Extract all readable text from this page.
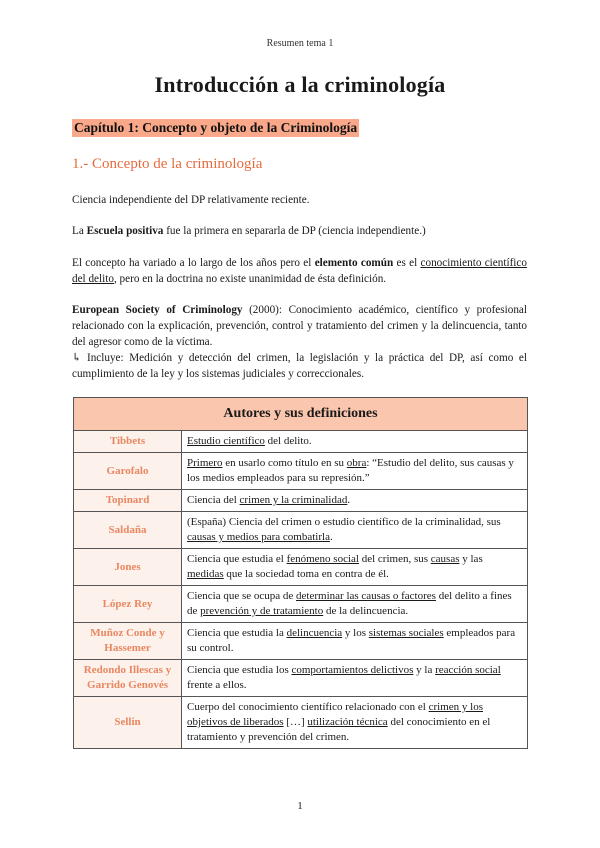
Resumen tema 1
Introducción a la criminología
Capítulo 1: Concepto y objeto de la Criminología
1.- Concepto de la criminología

Ciencia independiente del DP relativamente reciente.

La Escuela positiva fue la primera en separarla de DP (ciencia independiente.)

El concepto ha variado a lo largo de los años pero el elemento común es el conocimiento científico del delito, pero en la doctrina no existe unanimidad de ésta definición.

European Society of Criminology (2000): Conocimiento académico, científico y profesional relacionado con la explicación, prevención, control y tratamiento del crimen y la delincuencia, tanto del agresor como de la víctima.
↳ Incluye: Medición y detección del crimen, la legislación y la práctica del DP, así como el cumplimiento de la ley y los sistemas judiciales y correccionales.

Autores y sus definiciones	
Tibbets	Estudio científico del delito.
Garofalo	Primero en usarlo como título en su obra: “Estudio del delito, sus causas y los medios empleados para su represión.”
Topinard	Ciencia del crimen y la criminalidad.
Saldaña	(España) Ciencia del crimen o estudio científico de la criminalidad, sus causas y medios para combatirla.
Jones	Ciencia que estudia el fenómeno social del crimen, sus causas y las medidas que la sociedad toma en contra de él.
López Rey	Ciencia que se ocupa de determinar las causas o factores del delito a fines de prevención y de tratamiento de la delincuencia.
Muñoz Conde y Hassemer	Ciencia que estudia la delincuencia y los sistemas sociales empleados para su control.
Redondo Illescas y Garrido Genovés	Ciencia que estudia los comportamientos delictivos y la reacción social frente a ellos.
Sellin	Cuerpo del conocimiento científico relacionado con el crimen y los objetivos de liberados […] utilización técnica del conocimiento en el tratamiento y prevención del crimen.
1
